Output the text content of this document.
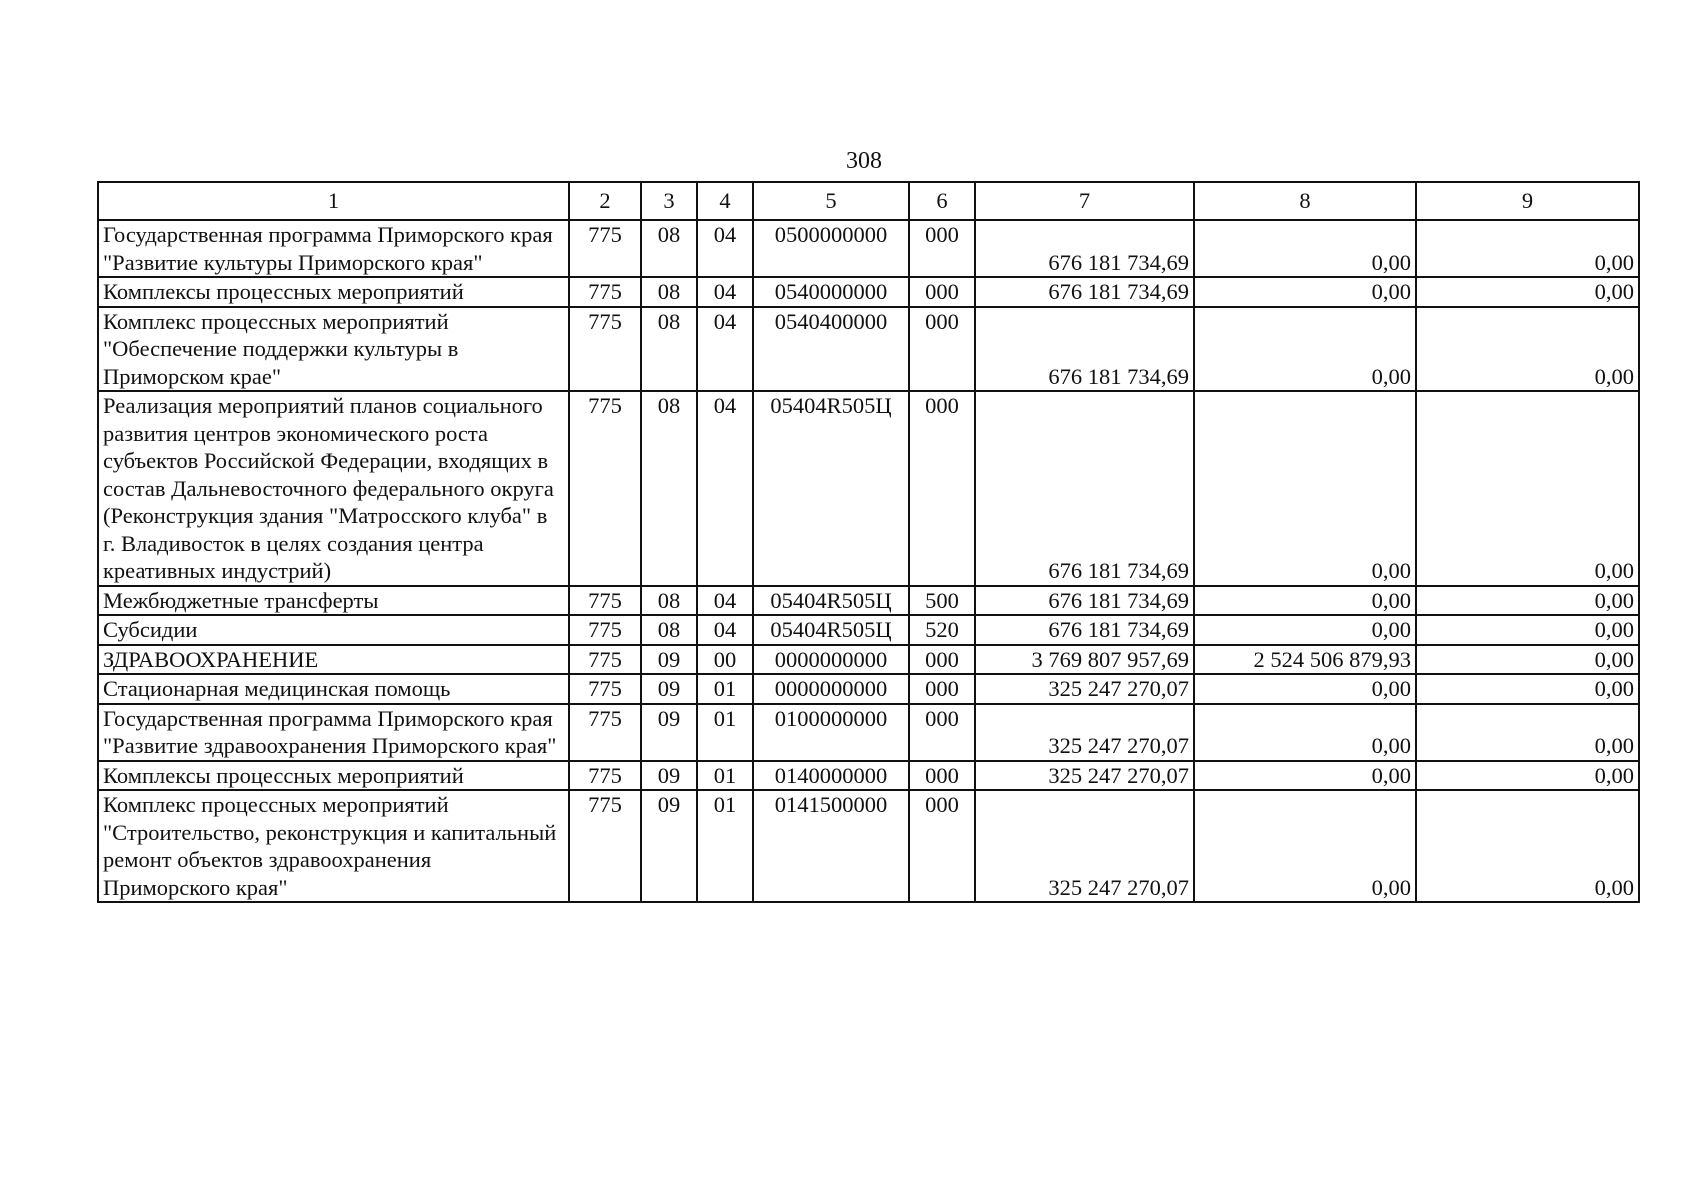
308
1	2	3	4	5	6	7	8	9
Государственная программа Приморского края "Развитие культуры Приморского края"	775	08	04	0500000000	000	676 181 734,69	0,00	0,00
Комплексы процессных мероприятий	775	08	04	0540000000	000	676 181 734,69	0,00	0,00
Комплекс процессных мероприятий "Обеспечение поддержки культуры в Приморском крае"	775	08	04	0540400000	000	676 181 734,69	0,00	0,00
Реализация мероприятий планов социального развития центров экономического роста субъектов Российской Федерации, входящих в состав Дальневосточного федерального округа (Реконструкция здания "Матросского клуба" в г. Владивосток в целях создания центра креативных индустрий)	775	08	04	05404R505Ц	000	676 181 734,69	0,00	0,00
Межбюджетные трансферты	775	08	04	05404R505Ц	500	676 181 734,69	0,00	0,00
Субсидии	775	08	04	05404R505Ц	520	676 181 734,69	0,00	0,00
ЗДРАВООХРАНЕНИЕ	775	09	00	0000000000	000	3 769 807 957,69	2 524 506 879,93	0,00
Стационарная медицинская помощь	775	09	01	0000000000	000	325 247 270,07	0,00	0,00
Государственная программа Приморского края "Развитие здравоохранения Приморского края"	775	09	01	0100000000	000	325 247 270,07	0,00	0,00
Комплексы процессных мероприятий	775	09	01	0140000000	000	325 247 270,07	0,00	0,00
Комплекс процессных мероприятий "Строительство, реконструкция и капитальный ремонт объектов здравоохранения Приморского края"	775	09	01	0141500000	000	325 247 270,07	0,00	0,00
